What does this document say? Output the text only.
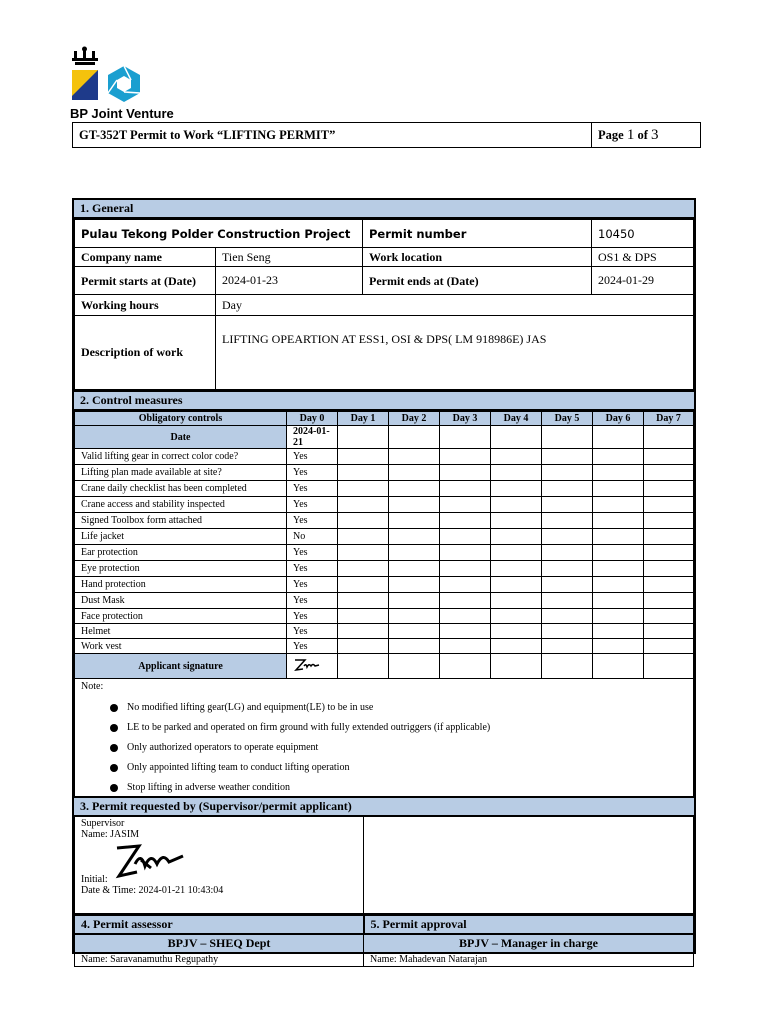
BP Joint Venture
GT-352T Permit to Work “LIFTING PERMIT”	Page 1 of 3
1. General
Pulau Tekong Polder Construction Project		Permit number	10450
Company name	Tien Seng	Work location	OS1 & DPS
Permit starts at (Date)	2024-01-23	Permit ends at (Date)	2024-01-29
Working hours	Day		
Description of work	LIFTING OPEARTION AT ESS1, OSI & DPS( LM 918986E) JAS		
2. Control measures
Obligatory controls	Day 0	Day 1	Day 2	Day 3	Day 4	Day 5	Day 6	Day 7
Date	2024-01-21							
Valid lifting gear in correct color code?	Yes							
Lifting plan made available at site?	Yes							
Crane daily checklist has been completed	Yes							
Crane access and stability inspected	Yes							
Signed Toolbox form attached	Yes							
Life jacket	No							
Ear protection	Yes							
Eye protection	Yes							
Hand protection	Yes							
Dust Mask	Yes							
Face protection	Yes							
Helmet	Yes							
Work vest	Yes							
Applicant signature								
Note:
No modified lifting gear(LG) and equipment(LE) to be in use
LE to be parked and operated on firm ground with fully extended outriggers (if applicable)
Only authorized operators to operate equipment
Only appointed lifting team to conduct lifting operation
Stop lifting in adverse weather condition
3. Permit requested by (Supervisor/permit applicant)
Supervisor
Name: JASIM
Initial:
Date & Time: 2024-01-21 10:43:04

4. Permit assessor	5. Permit approval
BPJV – SHEQ Dept	BPJV – Manager in charge
Name: Saravanamuthu Regupathy	Name: Mahadevan Natarajan
